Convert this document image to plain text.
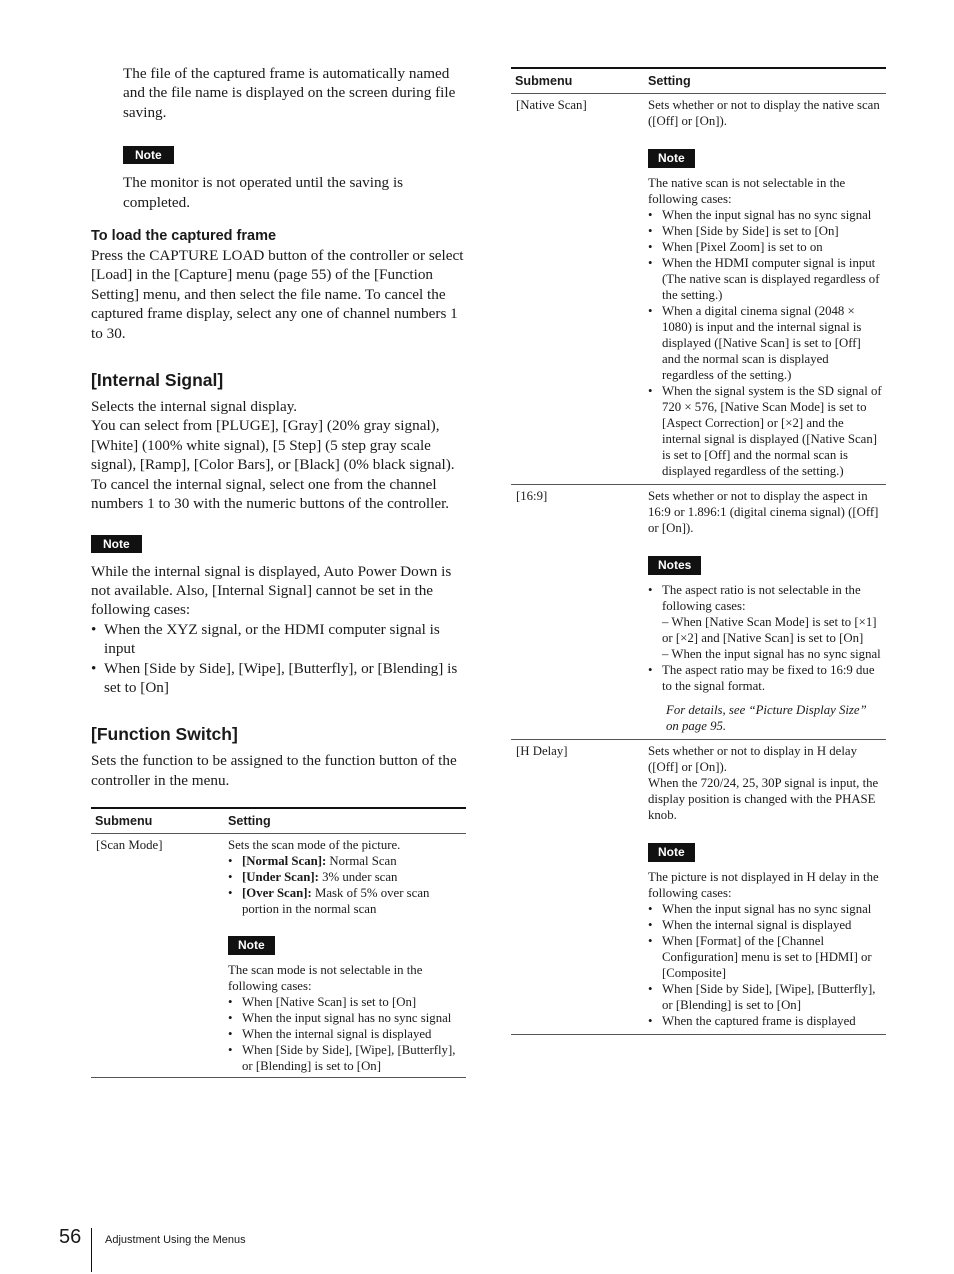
The file of the captured frame is automatically named and the file name is displayed on the screen during file saving.

Note

The monitor is not operated until the saving is completed.

To load the captured frame

Press the CAPTURE LOAD button of the controller or select [Load] in the [Capture] menu (page 55) of the [Function Setting] menu, and then select the file name. To cancel the captured frame display, select any one of channel numbers 1 to 30.

[Internal Signal]

Selects the internal signal display.

You can select from [PLUGE], [Gray] (20% gray signal), [White] (100% white signal), [5 Step] (5 step gray scale signal), [Ramp], [Color Bars], or [Black] (0% black signal).

To cancel the internal signal, select one from the channel numbers 1 to 30 with the numeric buttons of the controller.

Note

While the internal signal is displayed, Auto Power Down is not available. Also, [Internal Signal] cannot be set in the following cases:

• When the XYZ signal, or the HDMI computer signal is input
• When [Side by Side], [Wipe], [Butterfly], or [Blending] is set to [On]

[Function Switch]

Sets the function to be assigned to the function button of the controller in the menu.

Submenu	Setting
[Scan Mode]	Sets the scan mode of the picture.

• [Normal Scan]: Normal Scan
• [Under Scan]: 3% under scan
• [Over Scan]: Mask of 5% over scan portion in the normal scan
Note

The scan mode is not selectable in the following cases:

• When [Native Scan] is set to [On]
• When the input signal has no sync signal
• When the internal signal is displayed
• When [Side by Side], [Wipe], [Butterfly], or [Blending] is set to [On]
Submenu	Setting
[Native Scan]	Sets whether or not to display the native scan ([Off] or [On]).

Note

The native scan is not selectable in the following cases:

• When the input signal has no sync signal
• When [Side by Side] is set to [On]
• When [Pixel Zoom] is set to on
• When the HDMI computer signal is input (The native scan is displayed regardless of the setting.)
• When a digital cinema signal (2048 × 1080) is input and the internal signal is displayed ([Native Scan] is set to [Off] and the normal scan is displayed regardless of the setting.)
• When the signal system is the SD signal of 720 × 576, [Native Scan Mode] is set to [Aspect Correction] or [×2] and the internal signal is displayed ([Native Scan] is set to [Off] and the normal scan is displayed regardless of the setting.)
[16:9]	Sets whether or not to display the aspect in 16:9 or 1.896:1 (digital cinema signal) ([Off] or [On]).

Notes
• The aspect ratio is not selectable in the following cases:
– When [Native Scan Mode] is set to [×1] or [×2] and [Native Scan] is set to [On]
– When the input signal has no sync signal
• The aspect ratio may be fixed to 16:9 due to the signal format.

For details, see “Picture Display Size” on page 95.

[H Delay]	Sets whether or not to display in H delay ([Off] or [On]).

When the 720/24, 25, 30P signal is input, the display position is changed with the PHASE knob.

Note

The picture is not displayed in H delay in the following cases:

• When the input signal has no sync signal
• When the internal signal is displayed
• When [Format] of the [Channel Configuration] menu is set to [HDMI] or [Composite]
• When [Side by Side], [Wipe], [Butterfly], or [Blending] is set to [On]
• When the captured frame is displayed
56 Adjustment Using the Menus
